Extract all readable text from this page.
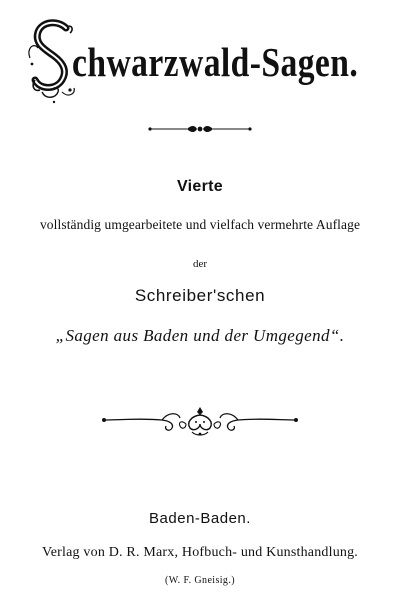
S
chwarzwald-Sagen.
Vierte
vollständig umgearbeitete und vielfach vermehrte Auflage
der
Schreiber'schen
„Sagen aus Baden und der Umgegend“.
Baden-Baden.
Verlag von D. R. Marx, Hofbuch- und Kunsthandlung.
(W. F. Gneisig.)
